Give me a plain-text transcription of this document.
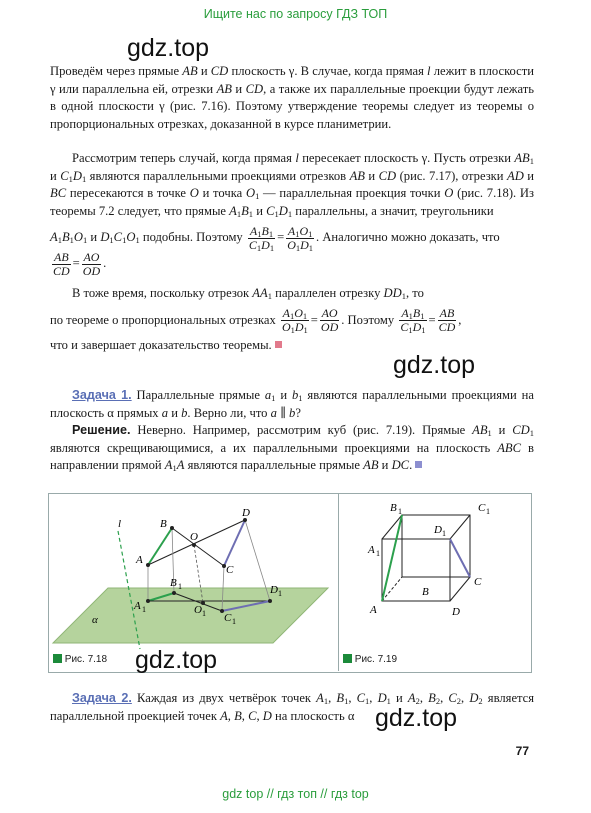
Ищите нас по запросу ГДЗ ТОП
gdz.top

Проведём через прямые AB и CD плоскость γ. В случае, когда прямая l лежит в плоскости γ или параллельна ей, отрезки AB и CD, а также их параллельные проекции будут лежать в одной плоскости γ (рис. 7.16). Поэтому утверждение теоремы следует из теоремы о пропорциональных отрезках, доказанной в курсе планиметрии.

Рассмотрим теперь случай, когда прямая l пересекает плоскость γ. Пусть отрезки $AB_1$ и $C_1D_1$ являются параллельными проекциями отрезков AB и CD (рис. 7.17), отрезки AD и BC пересекаются в точке O и точка $O_1$ — параллельная проекция точки O (рис. 7.18). Из теоремы 7.2 следует, что прямые $A_1B_1$ и $C_1D_1$ параллельны, а значит, треугольники

$A_1B_1O_1$ и $D_1C_1O_1$ подобны. Поэтому $\frac{A_1B_1}{C_1D_1} = \frac{A_1O_1}{O_1D_1}$ . Аналогично можно доказать, что

$\frac{AB}{CD} = \frac{AO}{OD}$ .

В тоже время, поскольку отрезок $AA_1$ параллелен отрезку $DD_1$, то

по теореме о пропорциональных отрезках $\frac{A_1O_1}{O_1D_1} = \frac{AO}{OD}$ . Поэтому $\frac{A_1B_1}{C_1D_1} = \frac{AB}{CD}$ ,

что и завершает доказательство теоремы.

gdz.top

Задача 1. Параллельные прямые $a_1$ и $b_1$ являются параллельными проекциями на плоскость α прямых a и b. Верно ли, что a ∥ b?

Решение. Неверно. Например, рассмотрим куб (рис. 7.19). Прямые $AB_1$ и $CD_1$ являются скрещивающимися, а их параллельными проекциями на плоскость ABC в направлении прямой $A_1A$ являются параллельные прямые AB и DC.

l
A
B
O
C
D
A 1
B 1
O 1 C 1
D 1
α
A
B
C
D
A 1
B 1	C 1
D 1
Рис. 7.18	Рис. 7.19
gdz.top

Задача 2. Каждая из двух четвёрок точек $A_1$, $B_1$, $C_1$, $D_1$ и $A_2$, $B_2$, $C_2$, $D_2$ является параллельной проекцией точек A, B, C, D на плоскость α gdz.top
77
gdz top // гдз топ // гдз top
